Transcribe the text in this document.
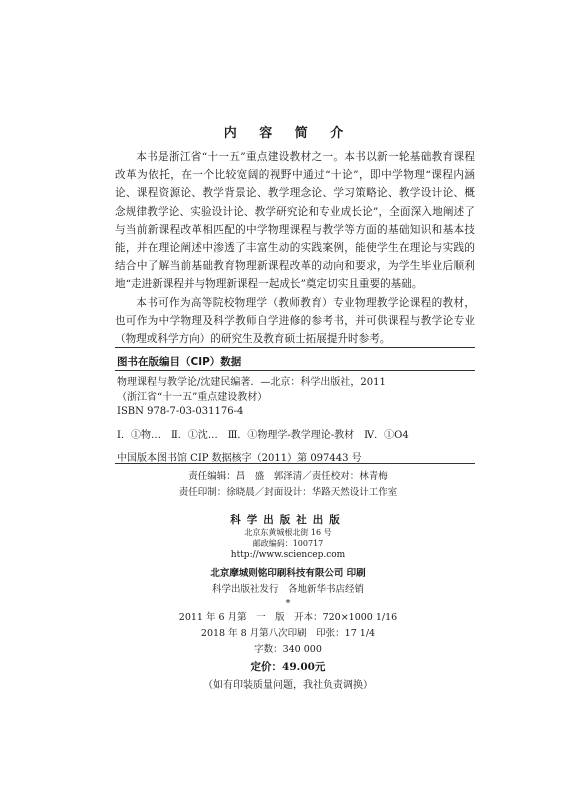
内 容 简 介

本书是浙江省“十一五”重点建设教材之一。本书以新一轮基础教育课程改革为依托，在一个比较宽阔的视野中通过“十论”，即中学物理“课程内涵论、课程资源论、教学背景论、教学理念论、学习策略论、教学设计论、概念规律教学论、实验设计论、教学研究论和专业成长论”，全面深入地阐述了与当前新课程改革相匹配的中学物理课程与教学等方面的基础知识和基本技能，并在理论阐述中渗透了丰富生动的实践案例，能使学生在理论与实践的结合中了解当前基础教育物理新课程改革的动向和要求，为学生毕业后顺利地“走进新课程并与物理新课程一起成长”奠定切实且重要的基础。

本书可作为高等院校物理学（教师教育）专业物理教学论课程的教材，也可作为中学物理及科学教师自学进修的参考书，并可供课程与教学论专业（物理或科学方向）的研究生及教育硕士拓展提升时参考。

图书在版编目（CIP）数据
物理课程与教学论/沈建民编著．—北京：科学出版社，2011
（浙江省“十一五”重点建设教材）
ISBN 978-7-03-031176-4
Ⅰ．①物…　Ⅱ．①沈…　Ⅲ．①物理学-教学理论-教材　Ⅳ．①O4
中国版本图书馆 CIP 数据核字（2011）第 097443 号
责任编辑：昌　盛　郭泽清／责任校对：林青梅
责任印制：徐晓晨／封面设计：华路天然设计工作室
科学出版社出版
北京东黄城根北街 16 号
邮政编码：100717
http://www.sciencep.com
北京摩城则铭印刷科技有限公司 印刷
科学出版社发行　各地新华书店经销
*
2011 年 6 月第　一　版　开本：720×1000 1/16
2018 年 8 月第八次印刷　印张：17 1/4
字数：340 000
定价：49.00元
（如有印装质量问题，我社负责调换）
